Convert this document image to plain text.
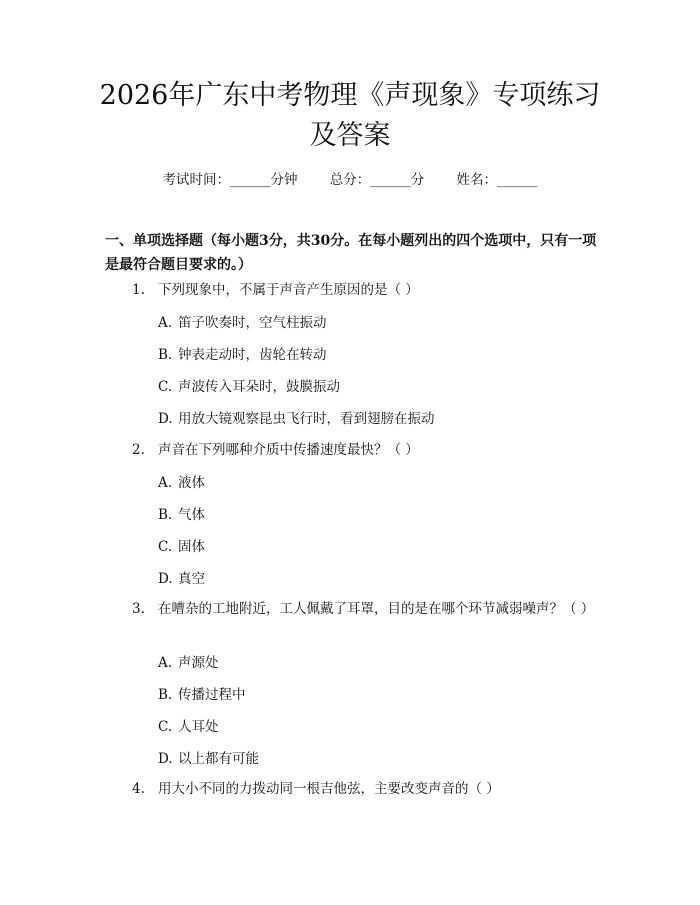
2026年广东中考物理《声现象》专项练习及答案
考试时间：______分钟 总分：______分 姓名：______

一、单项选择题（每小题3分，共30分。在每小题列出的四个选项中，只有一项是最符合题目要求的。）

1. 下列现象中，不属于声音产生原因的是（ ）
A. 笛子吹奏时，空气柱振动
B. 钟表走动时，齿轮在转动
C. 声波传入耳朵时，鼓膜振动
D. 用放大镜观察昆虫飞行时，看到翅膀在振动
2. 声音在下列哪种介质中传播速度最快？（ ）
A. 液体
B. 气体
C. 固体
D. 真空
3. 在嘈杂的工地附近，工人佩戴了耳罩，目的是在哪个环节减弱噪声？（ ）
A. 声源处
B. 传播过程中
C. 人耳处
D. 以上都有可能
4. 用大小不同的力拨动同一根吉他弦，主要改变声音的（ ）
